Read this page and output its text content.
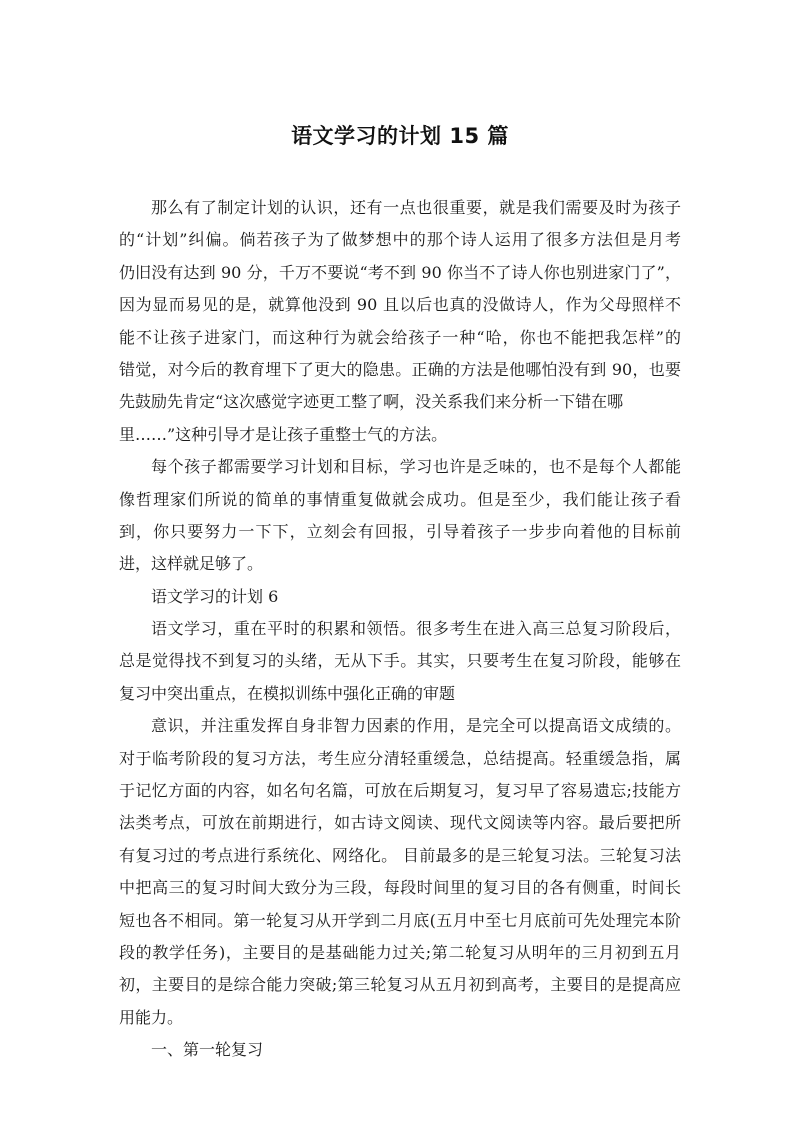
语文学习的计划 15 篇
那么有了制定计划的认识，还有一点也很重要，就是我们需要及时为孩子
的“计划”纠偏。倘若孩子为了做梦想中的那个诗人运用了很多方法但是月考
仍旧没有达到 90 分，千万不要说“考不到 90 你当不了诗人你也别进家门了”，
因为显而易见的是，就算他没到 90 且以后也真的没做诗人，作为父母照样不
能不让孩子进家门，而这种行为就会给孩子一种“哈，你也不能把我怎样”的
错觉，对今后的教育埋下了更大的隐患。正确的方法是他哪怕没有到 90，也要
先鼓励先肯定“这次感觉字迹更工整了啊，没关系我们来分析一下错在哪
里……”这种引导才是让孩子重整士气的方法。
每个孩子都需要学习计划和目标，学习也许是乏味的，也不是每个人都能
像哲理家们所说的简单的事情重复做就会成功。但是至少，我们能让孩子看
到，你只要努力一下下，立刻会有回报，引导着孩子一步步向着他的目标前
进，这样就足够了。
语文学习的计划 6
语文学习，重在平时的积累和领悟。很多考生在进入高三总复习阶段后，
总是觉得找不到复习的头绪，无从下手。其实，只要考生在复习阶段，能够在
复习中突出重点，在模拟训练中强化正确的审题
意识，并注重发挥自身非智力因素的作用，是完全可以提高语文成绩的。
对于临考阶段的复习方法，考生应分清轻重缓急，总结提高。轻重缓急指，属
于记忆方面的内容，如名句名篇，可放在后期复习，复习早了容易遗忘;技能方
法类考点，可放在前期进行，如古诗文阅读、现代文阅读等内容。最后要把所
有复习过的考点进行系统化、网络化。 目前最多的是三轮复习法。三轮复习法
中把高三的复习时间大致分为三段，每段时间里的复习目的各有侧重，时间长
短也各不相同。第一轮复习从开学到二月底(五月中至七月底前可先处理完本阶
段的教学任务)，主要目的是基础能力过关;第二轮复习从明年的三月初到五月
初，主要目的是综合能力突破;第三轮复习从五月初到高考，主要目的是提高应
用能力。
一、第一轮复习
